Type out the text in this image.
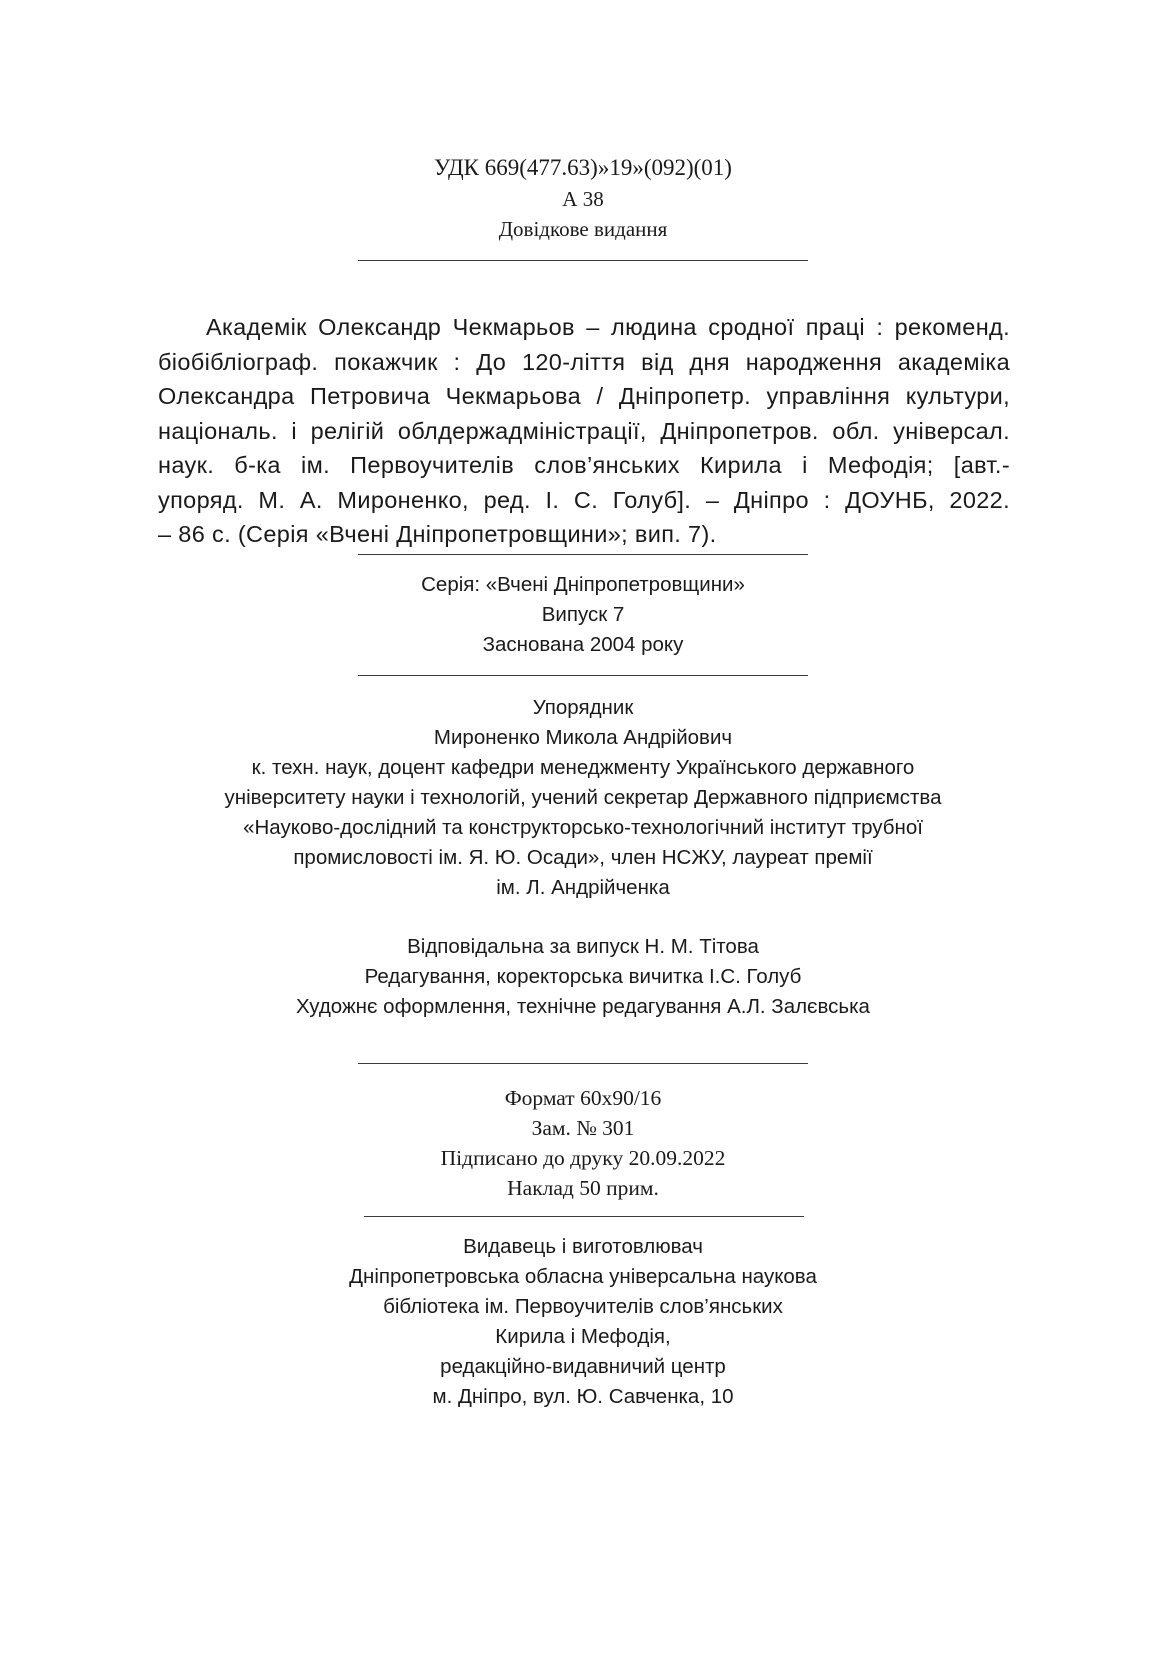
УДК 669(477.63)»19»(092)(01)
А 38
Довідкове видання
Академік Олександр Чекмарьов – людина сродної праці : рекоменд.
біобібліограф. покажчик : До 120-ліття від дня народження академіка
Олександра Петровича Чекмарьова / Дніпропетр. управління культури,
національ. і релігій облдержадміністрації, Дніпропетров. обл. універсал.
наук. б-ка ім. Первоучителів слов’янських Кирила і Мефодія; [авт.-
упоряд. М. А. Мироненко, ред. І. С. Голуб]. – Дніпро : ДОУНБ, 2022.
– 86 с. (Серія «Вчені Дніпропетровщини»; вип. 7).
Серія: «Вчені Дніпропетровщини»
Випуск 7
Заснована 2004 року
Упорядник
Мироненко Микола Андрійович
к. техн. наук, доцент кафедри менеджменту Українського державного
університету науки і технологій, учений секретар Державного підприємства
«Науково-дослідний та конструкторсько-технологічний інститут трубної
промисловості ім. Я. Ю. Осади», член НСЖУ, лауреат премії
ім. Л. Андрійченка
Відповідальна за випуск Н. М. Тітова
Редагування, коректорська вичитка І.С. Голуб
Художнє оформлення, технічне редагування А.Л. Залєвська
Формат 60х90/16
Зам. № 301
Підписано до друку 20.09.2022
Наклад 50 прим.
Видавець і виготовлювач
Дніпропетровська обласна універсальна наукова
бібліотека ім. Первоучителів слов’янських
Кирила і Мефодія,
редакційно-видавничий центр
м. Дніпро, вул. Ю. Савченка, 10
